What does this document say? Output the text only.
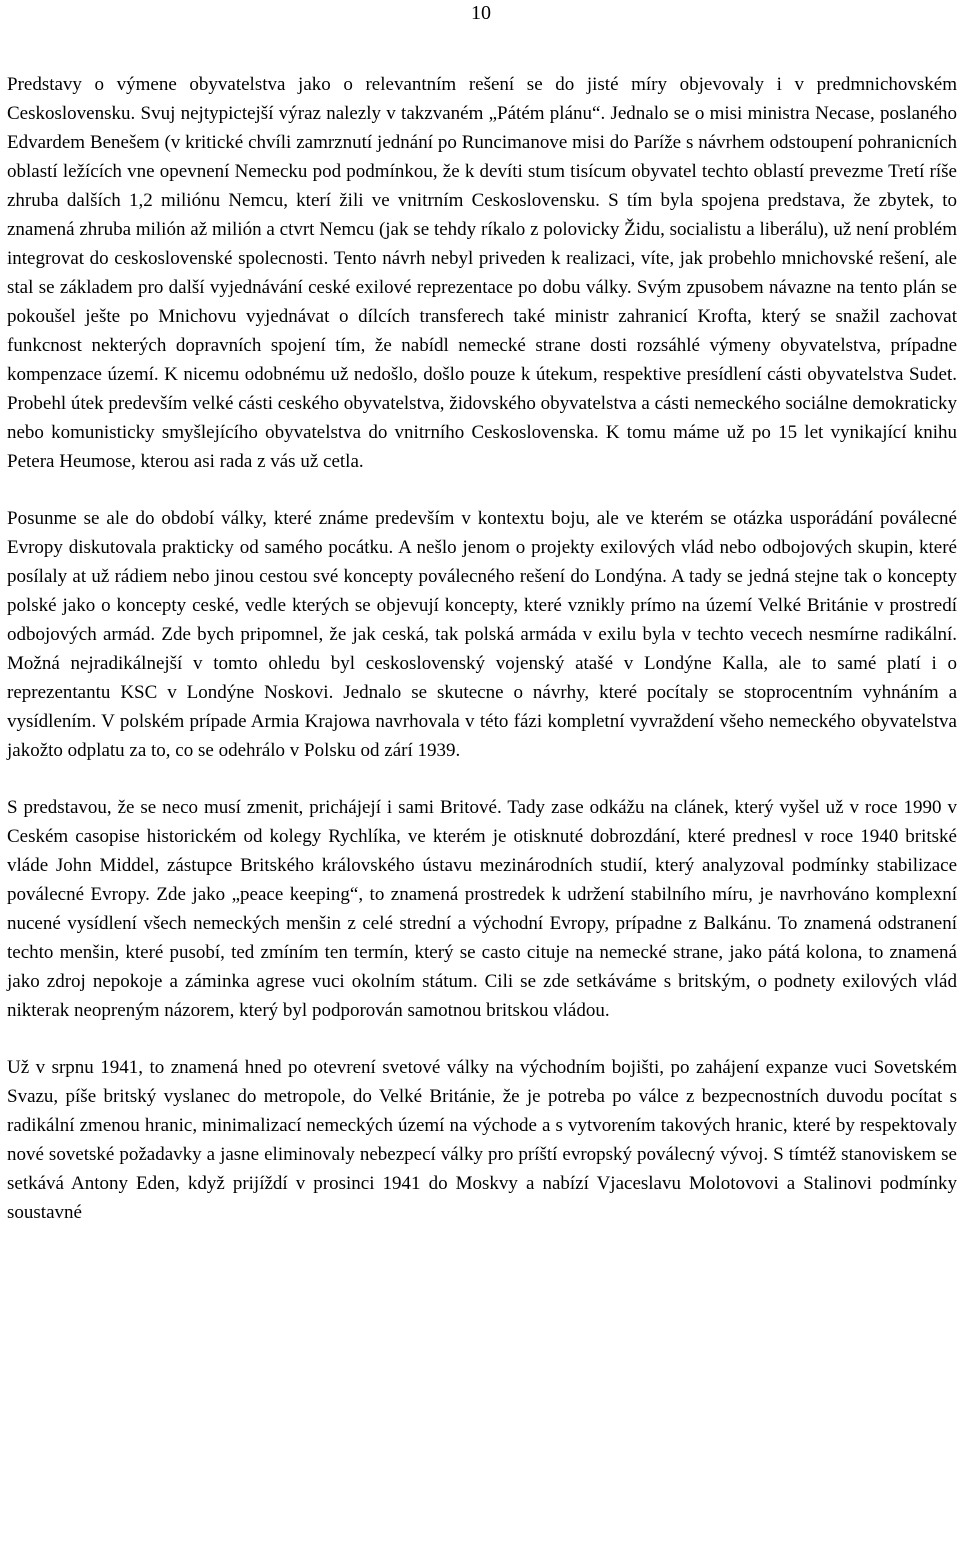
10

Predstavy o výmene obyvatelstva jako o relevantním rešení se do jisté míry objevovaly i v predmnichovském Ceskoslovensku. Svuj nejtypictejší výraz nalezly v takzvaném „Pátém plánu“. Jednalo se o misi ministra Necase, poslaného Edvardem Benešem (v kritické chvíli zamrznutí jednání po Runcimanove misi do Paríže s návrhem odstoupení pohranicních oblastí ležících vne opevnení Nemecku pod podmínkou, že k devíti stum tisícum obyvatel techto oblastí prevezme Tretí ríše zhruba dalších 1,2 miliónu Nemcu, kterí žili ve vnitrním Ceskoslovensku. S tím byla spojena predstava, že zbytek, to znamená zhruba milión až milión a ctvrt Nemcu (jak se tehdy ríkalo z polovicky Židu, socialistu a liberálu), už není problém integrovat do ceskoslovenské spolecnosti. Tento návrh nebyl priveden k realizaci, víte, jak probehlo mnichovské rešení, ale stal se základem pro další vyjednávání ceské exilové reprezentace po dobu války. Svým zpusobem návazne na tento plán se pokoušel ješte po Mnichovu vyjednávat o dílcích transferech také ministr zahranicí Krofta, který se snažil zachovat funkcnost nekterých dopravních spojení tím, že nabídl nemecké strane dosti rozsáhlé výmeny obyvatelstva, prípadne kompenzace území. K nicemu odobnému už nedošlo, došlo pouze k útekum, respektive presídlení cásti obyvatelstva Sudet. Probehl útek predevším velké cásti ceského obyvatelstva, židovského obyvatelstva a cásti nemeckého sociálne demokraticky nebo komunisticky smyšlejícího obyvatelstva do vnitrního Ceskoslovenska. K tomu máme už po 15 let vynikající knihu Petera Heumose, kterou asi rada z vás už cetla.

Posunme se ale do období války, které známe predevším v kontextu boju, ale ve kterém se otázka usporádání poválecné Evropy diskutovala prakticky od samého pocátku. A nešlo jenom o projekty exilových vlád nebo odbojových skupin, které posílaly at už rádiem nebo jinou cestou své koncepty poválecného rešení do Londýna. A tady se jedná stejne tak o koncepty polské jako o koncepty ceské, vedle kterých se objevují koncepty, které vznikly prímo na území Velké Británie v prostredí odbojových armád. Zde bych pripomnel, že jak ceská, tak polská armáda v exilu byla v techto vecech nesmírne radikální. Možná nejradikálnejší v tomto ohledu byl ceskoslovenský vojenský atašé v Londýne Kalla, ale to samé platí i o reprezentantu KSC v Londýne Noskovi. Jednalo se skutecne o návrhy, které pocítaly se stoprocentním vyhnáním a vysídlením. V polském prípade Armia Krajowa navrhovala v této fázi kompletní vyvraždení všeho nemeckého obyvatelstva jakožto odplatu za to, co se odehrálo v Polsku od zárí 1939.

S predstavou, že se neco musí zmenit, prichájejí i sami Britové. Tady zase odkážu na clánek, který vyšel už v roce 1990 v Ceském casopise historickém od kolegy Rychlíka, ve kterém je otisknuté dobrozdání, které prednesl v roce 1940 britské vláde John Middel, zástupce Britského královského ústavu mezinárodních studií, který analyzoval podmínky stabilizace poválecné Evropy. Zde jako „peace keeping“, to znamená prostredek k udržení stabilního míru, je navrhováno komplexní nucené vysídlení všech nemeckých menšin z celé strední a východní Evropy, prípadne z Balkánu. To znamená odstranení techto menšin, které pusobí, ted zmíním ten termín, který se casto cituje na nemecké strane, jako pátá kolona, to znamená jako zdroj nepokoje a záminka agrese vuci okolním státum. Cili se zde setkáváme s britským, o podnety exilových vlád nikterak neopreným názorem, který byl podporován samotnou britskou vládou.

Už v srpnu 1941, to znamená hned po otevrení svetové války na východním bojišti, po zahájení expanze vuci Sovetském Svazu, píše britský vyslanec do metropole, do Velké Británie, že je potreba po válce z bezpecnostních duvodu pocítat s radikální zmenou hranic, minimalizací nemeckých území na východe a s vytvorením takových hranic, které by respektovaly nové sovetské požadavky a jasne eliminovaly nebezpecí války pro príští evropský poválecný vývoj. S tímtéž stanoviskem se setkává Antony Eden, když prijíždí v prosinci 1941 do Moskvy a nabízí Vjaceslavu Molotovovi a Stalinovi podmínky soustavné
